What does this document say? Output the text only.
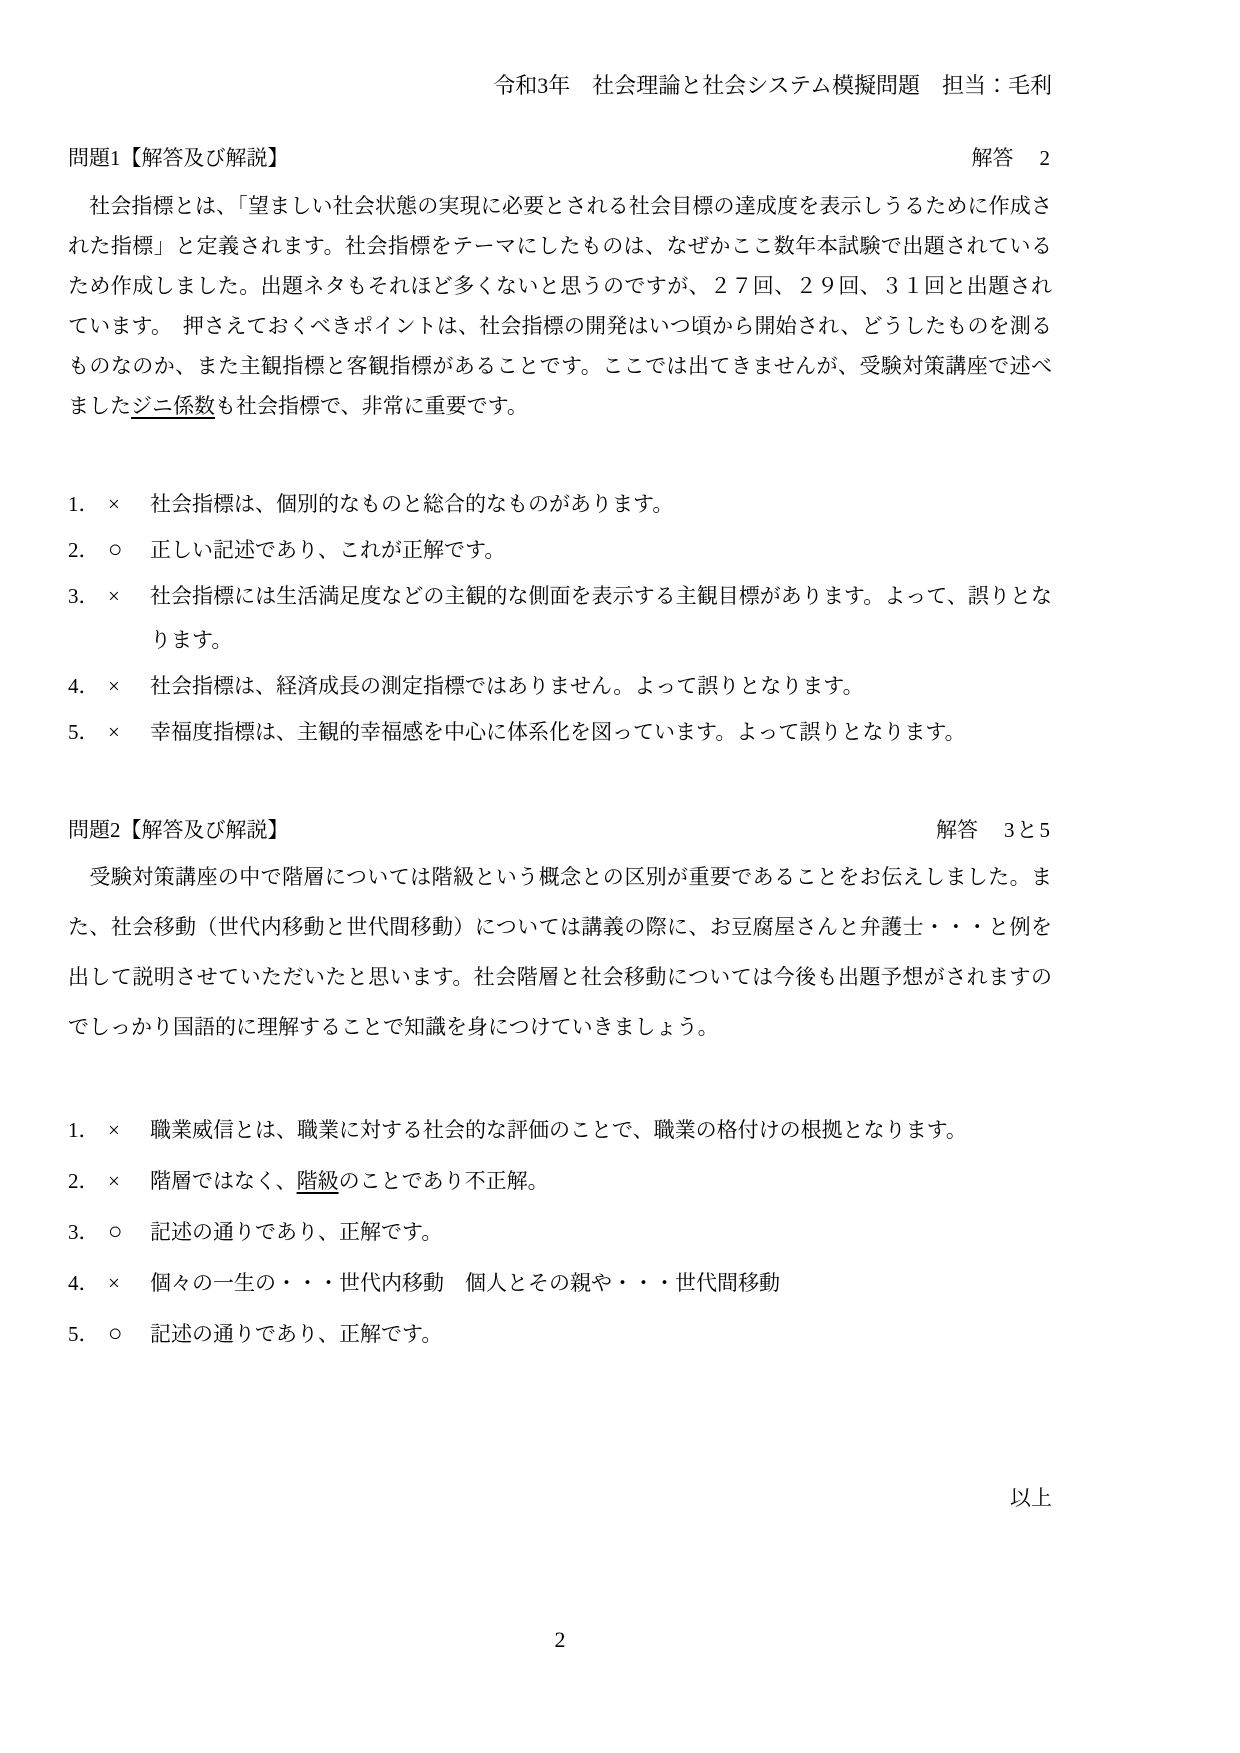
令和3年　社会理論と社会システム模擬問題　担当：毛利
問題1【解答及び解説】	解答 2

　社会指標とは、「望ましい社会状態の実現に必要とされる社会目標の達成度を表示しうるために作成された指標」と定義されます。社会指標をテーマにしたものは、なぜかここ数年本試験で出題されているため作成しました。出題ネタもそれほど多くないと思うのですが、２７回、２９回、３１回と出題されています。　押さえておくべきポイントは、社会指標の開発はいつ頃から開始され、どうしたものを測るものなのか、また主観指標と客観指標があることです。ここでは出てきませんが、受験対策講座で述べましたジニ係数も社会指標で、非常に重要です。

1． ×	社会指標は、個別的なものと総合的なものがあります。
2． ○	正しい記述であり、これが正解です。
3． ×	社会指標には生活満足度などの主観的な側面を表示する主観目標があります。よって、誤りとなります。
4． ×	社会指標は、経済成長の測定指標ではありません。よって誤りとなります。
5． ×	幸福度指標は、主観的幸福感を中心に体系化を図っています。よって誤りとなります。
問題2【解答及び解説】	解答 3と5

　受験対策講座の中で階層については階級という概念との区別が重要であることをお伝えしました。また、社会移動（世代内移動と世代間移動）については講義の際に、お豆腐屋さんと弁護士・・・と例を出して説明させていただいたと思います。社会階層と社会移動については今後も出題予想がされますのでしっかり国語的に理解することで知識を身につけていきましょう。

1． ×	職業威信とは、職業に対する社会的な評価のことで、職業の格付けの根拠となります。
2． ×	階層ではなく、階級のことであり不正解。
3． ○	記述の通りであり、正解です。
4． ×	個々の一生の・・・世代内移動　個人とその親や・・・世代間移動
5． ○	記述の通りであり、正解です。
以上
2
